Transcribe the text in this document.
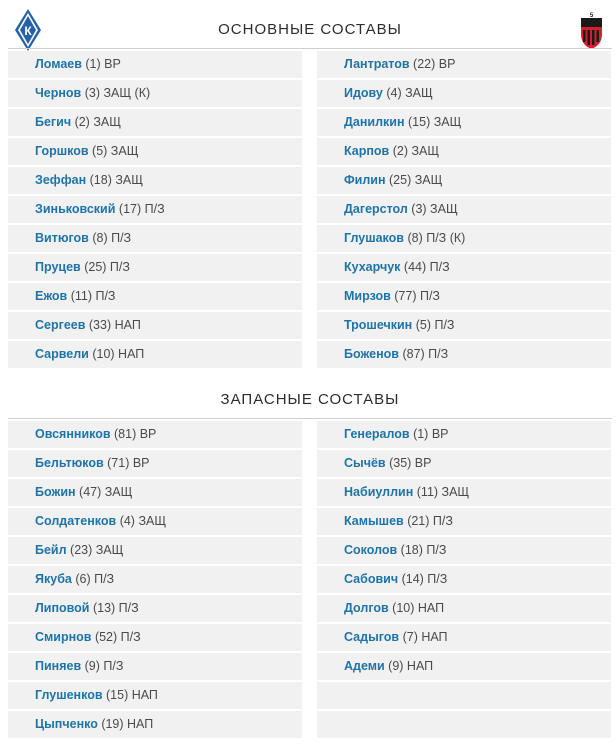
К
5
ОСНОВНЫЕ СОСТАВЫ
Ломаев (1) ВР
Чернов (3) ЗАЩ (К)
Бегич (2) ЗАЩ
Горшков (5) ЗАЩ
Зеффан (18) ЗАЩ
Зиньковский (17) П/З
Витюгов (8) П/З
Пруцев (25) П/З
Ежов (11) П/З
Сергеев (33) НАП
Сарвели (10) НАП
Лантратов (22) ВР
Идову (4) ЗАЩ
Данилкин (15) ЗАЩ
Карпов (2) ЗАЩ
Филин (25) ЗАЩ
Дагерстол (3) ЗАЩ
Глушаков (8) П/З (К)
Кухарчук (44) П/З
Мирзов (77) П/З
Трошечкин (5) П/З
Боженов (87) П/З
ЗАПАСНЫЕ СОСТАВЫ
Овсянников (81) ВР
Бельтюков (71) ВР
Божин (47) ЗАЩ
Солдатенков (4) ЗАЩ
Бейл (23) ЗАЩ
Якуба (6) П/З
Липовой (13) П/З
Смирнов (52) П/З
Пиняев (9) П/З
Глушенков (15) НАП
Цыпченко (19) НАП
Генералов (1) ВР
Сычёв (35) ВР
Набиуллин (11) ЗАЩ
Камышев (21) П/З
Соколов (18) П/З
Сабович (14) П/З
Долгов (10) НАП
Садыгов (7) НАП
Адеми (9) НАП
